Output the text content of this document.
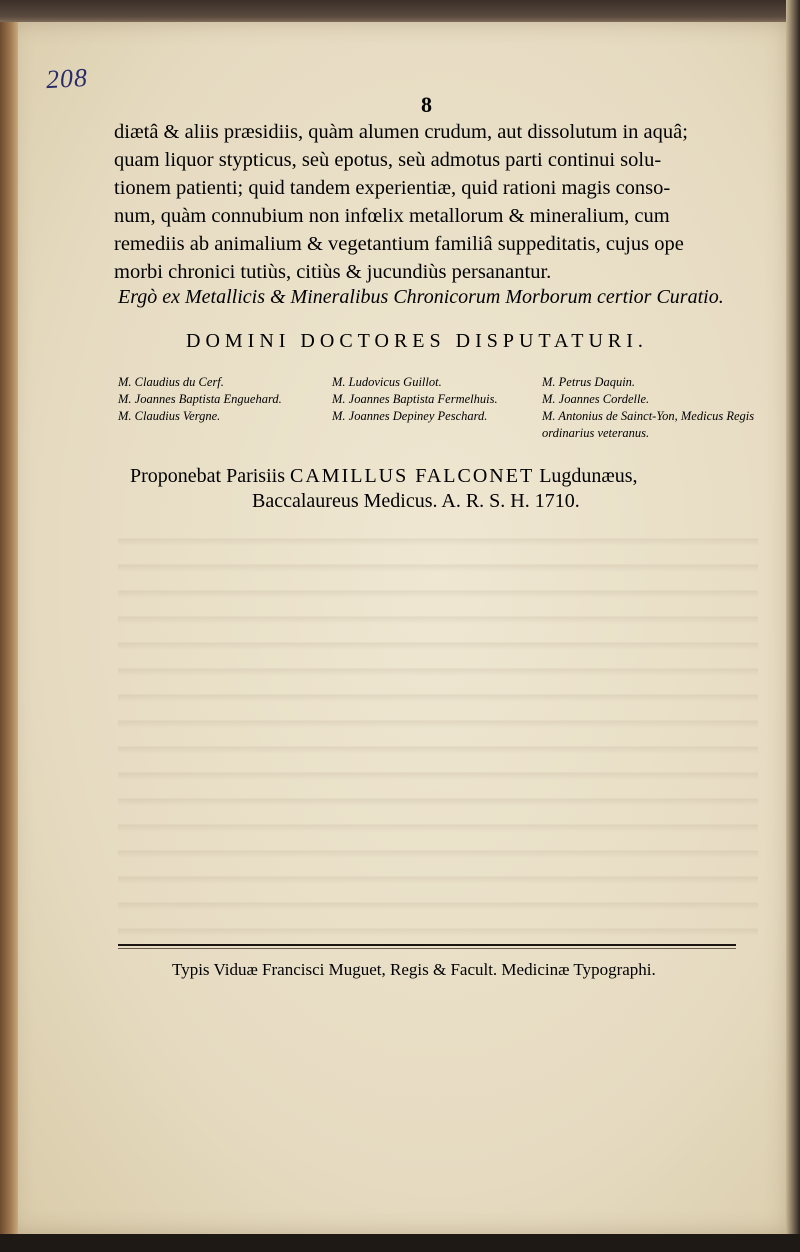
208
8
diætâ & aliis præsidiis, quàm alumen crudum, aut dissolutum in aquâ;
quam liquor stypticus, seù epotus, seù admotus parti continui solu-
tionem patienti; quid tandem experientiæ, quid rationi magis conso-
num, quàm connubium non infœlix metallorum & mineralium, cum
remediis ab animalium & vegetantium familiâ suppeditatis, cujus ope
morbi chronici tutiùs, citiùs & jucundiùs persanantur.
Ergò ex Metallicis & Mineralibus Chronicorum Morborum certior Curatio.
DOMINI DOCTORES DISPUTATURI.
M. Claudius du Cerf.
M. Joannes Baptista Enguehard.
M. Claudius Vergne.
M. Ludovicus Guillot.
M. Joannes Baptista Fermelhuis.
M. Joannes Depiney Peschard.
M. Petrus Daquin.
M. Joannes Cordelle.
M. Antonius de Sainct-Yon, Medicus Regis ordinarius veteranus.
Proponebat Parisiis CAMILLUS FALCONET Lugdunæus,
Baccalaureus Medicus. A. R. S. H. 1710.
Typis Viduæ Francisci Muguet, Regis & Facult. Medicinæ Typographi.
